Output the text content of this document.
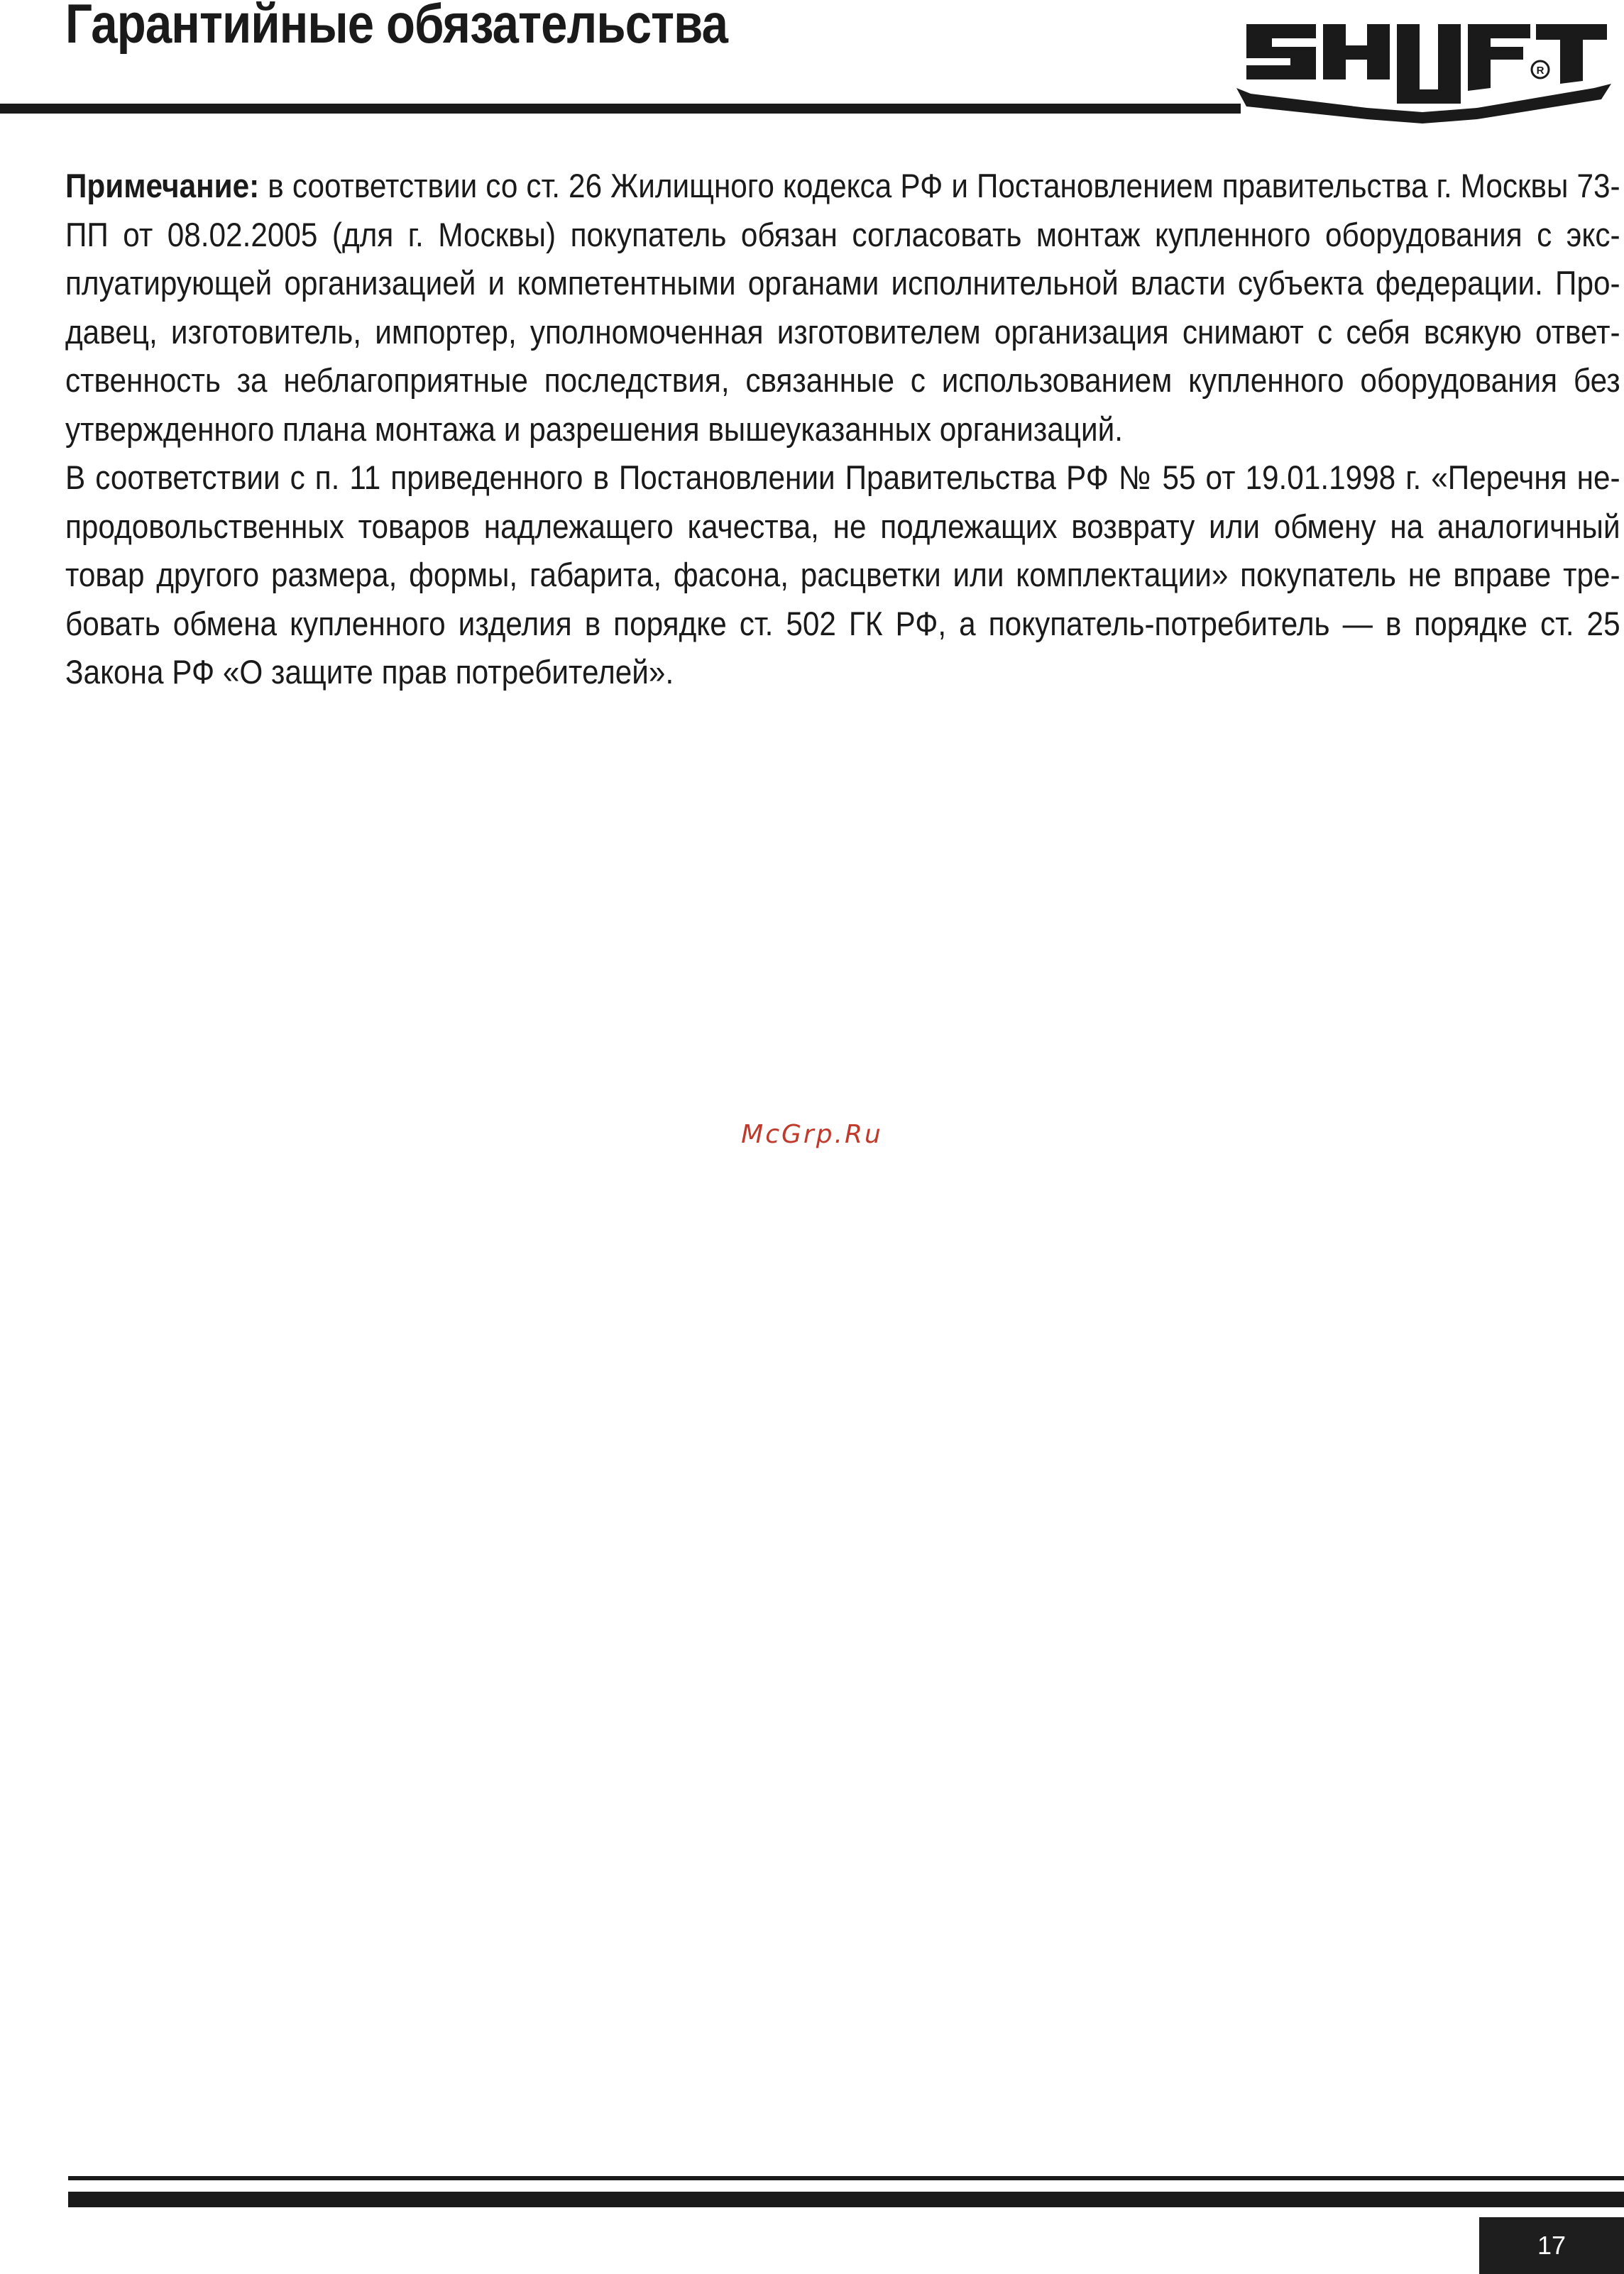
Гарантийные обязательства
R

Примечание: в соответствии со ст. 26 Жилищного кодекса РФ и Постановлением правительства г. Москвы 73-ПП от 08.02.2005 (для г. Москвы) покупатель обязан согласовать монтаж купленного оборудования с эксплуатирующей организацией и компетентными органами исполнительной власти субъекта федерации. Продавец, изготовитель, импортер, уполномоченная изготовителем организация снимают с себя всякую ответственность за неблагоприятные последствия, связанные с использованием купленного оборудования без утвержденного плана монтажа и разрешения вышеуказанных организаций.

В соответствии с п. 11 приведенного в Постановлении Правительства РФ № 55 от 19.01.1998 г. «Перечня непродовольственных товаров надлежащего качества, не подлежащих возврату или обмену на аналогичный товар другого размера, формы, габарита, фасона, расцветки или комплектации» покупатель не вправе требовать обмена купленного изделия в порядке ст. 502 ГК РФ, а покупатель-потребитель — в порядке ст. 25 Закона РФ «О защите прав потребителей».

McGrp.Ru
17
